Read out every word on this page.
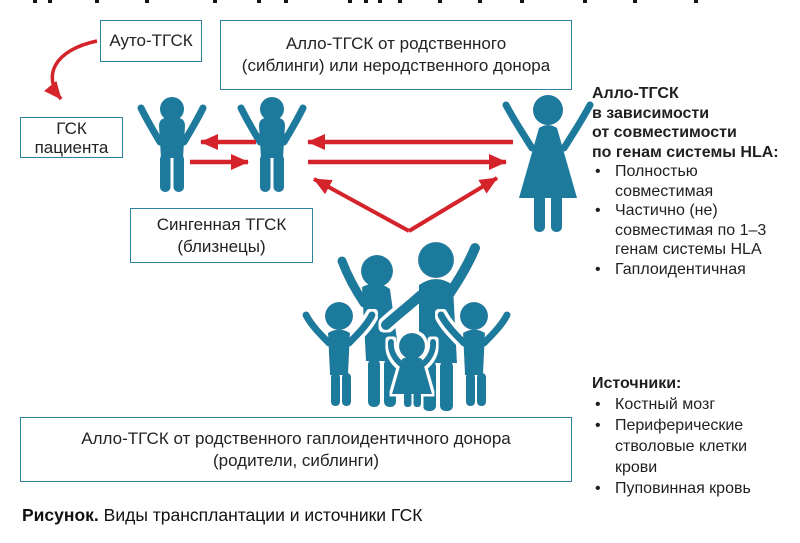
Ауто-ТГСК	Алло-ТГСК от родственного
(сиблинги) или неродственного донора
ГСК
пациента
Сингенная ТГСК
(близнецы)
Алло-ТГСК от родственного гаплоидентичного донора
(родители, сиблинги)
Алло-ТГСК
в зависимости
от совместимости
по генам системы HLA:
• Полностью
совместимая
• Частично (не)
совместимая по 1–3
генам системы HLA
• Гаплоидентичная
Источники:
• Костный мозг
• Периферические
стволовые клетки
крови
• Пуповинная кровь
Рисунок. Виды трансплантации и источники ГСК
